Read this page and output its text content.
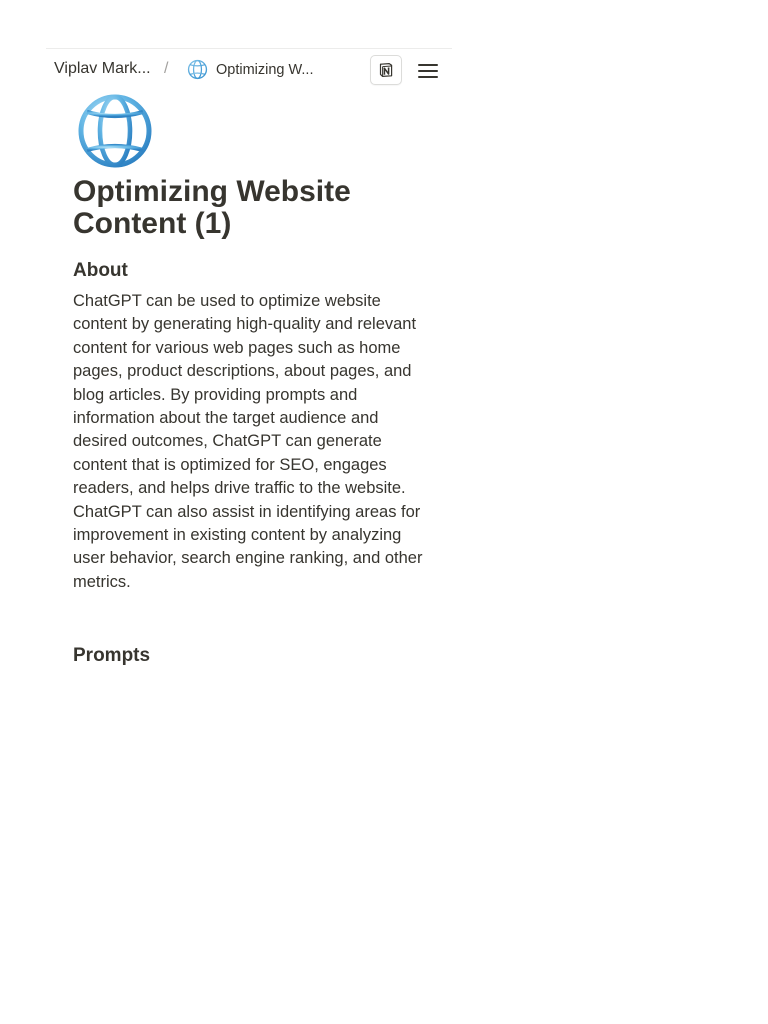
Viplav Mark... /	Optimizing W...
Optimizing Website Content (1)
About

ChatGPT can be used to optimize website content by generating high-quality and relevant content for various web pages such as home pages, product descriptions, about pages, and blog articles. By providing prompts and information about the target audience and desired outcomes, ChatGPT can generate content that is optimized for SEO, engages readers, and helps drive traffic to the website. ChatGPT can also assist in identifying areas for improvement in existing content by analyzing user behavior, search engine ranking, and other metrics.

Prompts
